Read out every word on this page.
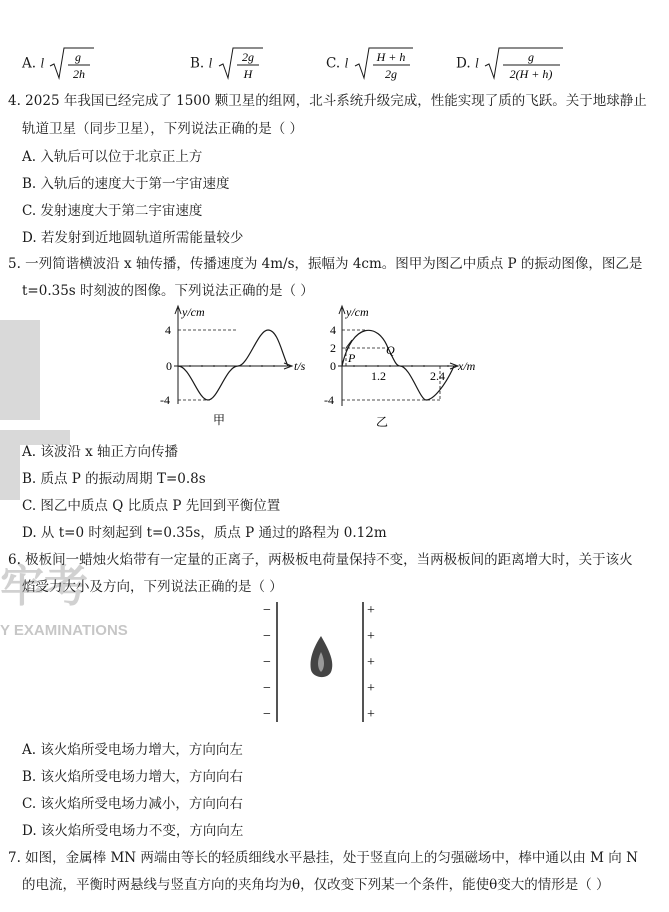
牢考
Y EXAMINATIONS
A. l	g
2h
B. l 2g
H
C. l H + h
2g
D. l	g
2(H + h)
4. 2025 年我国已经完成了 1500 颗卫星的组网，北斗系统升级完成，性能实现了质的飞跃。关于地球静止
轨道卫星（同步卫星），下列说法正确的是（ ）
A. 入轨后可以位于北京正上方
B. 入轨后的速度大于第一宇宙速度
C. 发射速度大于第二宇宙速度
D. 若发射到近地圆轨道所需能量较少
5. 一列简谐横波沿 x 轴传播，传播速度为 4m/s，振幅为 4cm。图甲为图乙中质点 P 的振动图像，图乙是
t=0.35s 时刻波的图像。下列说法正确的是（ ）
y/cm
t/s
4
0
-4
甲
y/cm
x/m
4
2
0
-4
1.2	2.4
P
Q
乙
A. 该波沿 x 轴正方向传播
B. 质点 P 的振动周期 T=0.8s
C. 图乙中质点 Q 比质点 P 先回到平衡位置
D. 从 t=0 时刻起到 t=0.35s，质点 P 通过的路程为 0.12m
6. 极板间一蜡烛火焰带有一定量的正离子，两极板电荷量保持不变，当两极板间的距离增大时，关于该火
焰受力大小及方向，下列说法正确的是（ ）
−
−
−
−
−
+
+
+
+
+
A. 该火焰所受电场力增大，方向向左
B. 该火焰所受电场力增大，方向向右
C. 该火焰所受电场力减小，方向向右
D. 该火焰所受电场力不变，方向向左
7. 如图，金属棒 MN 两端由等长的轻质细线水平悬挂，处于竖直向上的匀强磁场中，棒中通以由 M 向 N
的电流，平衡时两悬线与竖直方向的夹角均为θ，仅改变下列某一个条件，能使θ变大的情形是（ ）
